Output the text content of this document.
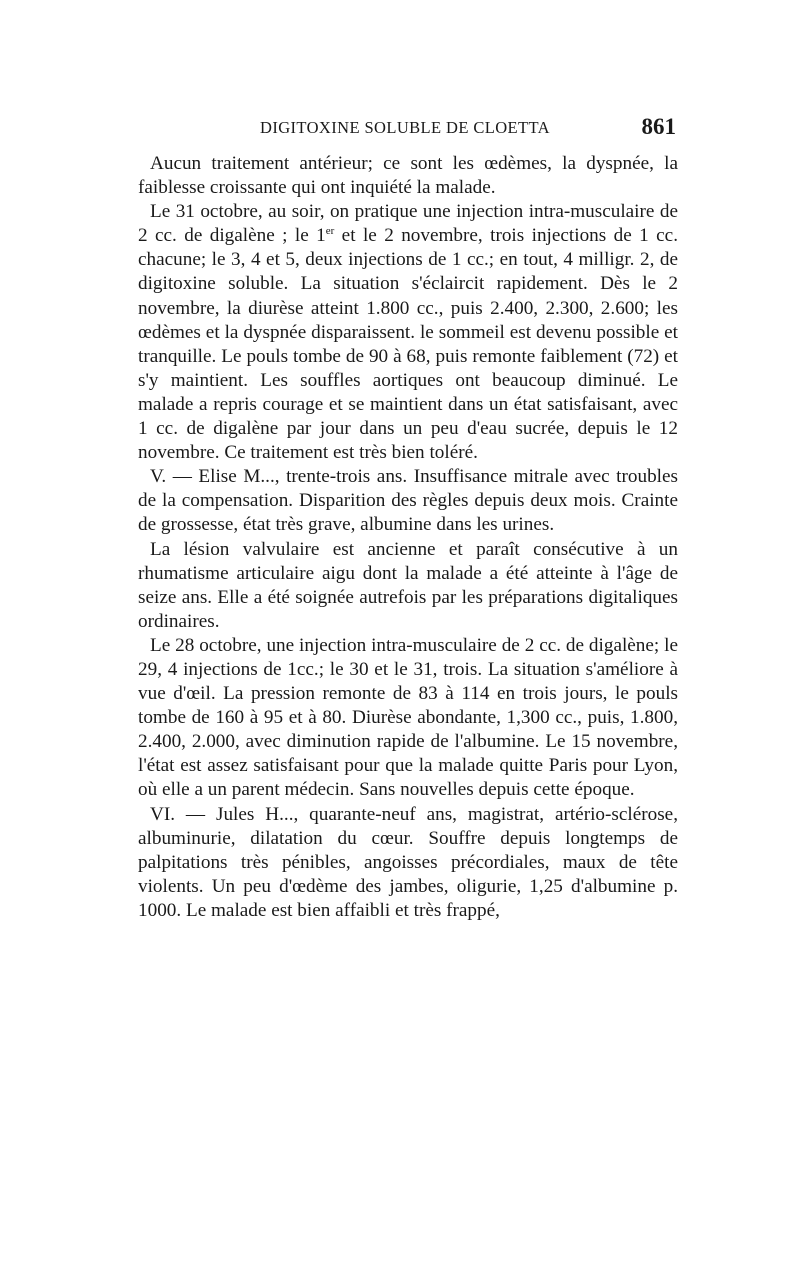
DIGITOXINE SOLUBLE DE CLOETTA	861

Aucun traitement antérieur; ce sont les œdèmes, la dyspnée, la faiblesse croissante qui ont inquiété la malade.

Le 31 octobre, au soir, on pratique une injection intra-musculaire de 2 cc. de digalène ; le 1er et le 2 novembre, trois injections de 1 cc. chacune; le 3, 4 et 5, deux injections de 1 cc.; en tout, 4 milligr. 2, de digitoxine soluble. La situation s'éclaircit rapidement. Dès le 2 novembre, la diurèse atteint 1.800 cc., puis 2.400, 2.300, 2.600; les œdèmes et la dyspnée disparaissent. le sommeil est devenu possible et tranquille. Le pouls tombe de 90 à 68, puis remonte faiblement (72) et s'y maintient. Les souffles aortiques ont beaucoup diminué. Le malade a repris courage et se maintient dans un état satisfaisant, avec 1 cc. de digalène par jour dans un peu d'eau sucrée, depuis le 12 novembre. Ce traitement est très bien toléré.

V. — Elise M..., trente-trois ans. Insuffisance mitrale avec troubles de la compensation. Disparition des règles depuis deux mois. Crainte de grossesse, état très grave, albumine dans les urines.

La lésion valvulaire est ancienne et paraît consécutive à un rhumatisme articulaire aigu dont la malade a été atteinte à l'âge de seize ans. Elle a été soignée autrefois par les préparations digitaliques ordinaires.

Le 28 octobre, une injection intra-musculaire de 2 cc. de digalène; le 29, 4 injections de 1cc.; le 30 et le 31, trois. La situation s'améliore à vue d'œil. La pression remonte de 83 à 114 en trois jours, le pouls tombe de 160 à 95 et à 80. Diurèse abondante, 1,300 cc., puis, 1.800, 2.400, 2.000, avec diminution rapide de l'albumine. Le 15 novembre, l'état est assez satisfaisant pour que la malade quitte Paris pour Lyon, où elle a un parent médecin. Sans nouvelles depuis cette époque.

VI. — Jules H..., quarante-neuf ans, magistrat, artério-sclérose, albuminurie, dilatation du cœur. Souffre depuis longtemps de palpitations très pénibles, angoisses précordiales, maux de tête violents. Un peu d'œdème des jambes, oligurie, 1,25 d'albumine p. 1000. Le malade est bien affaibli et très frappé,
